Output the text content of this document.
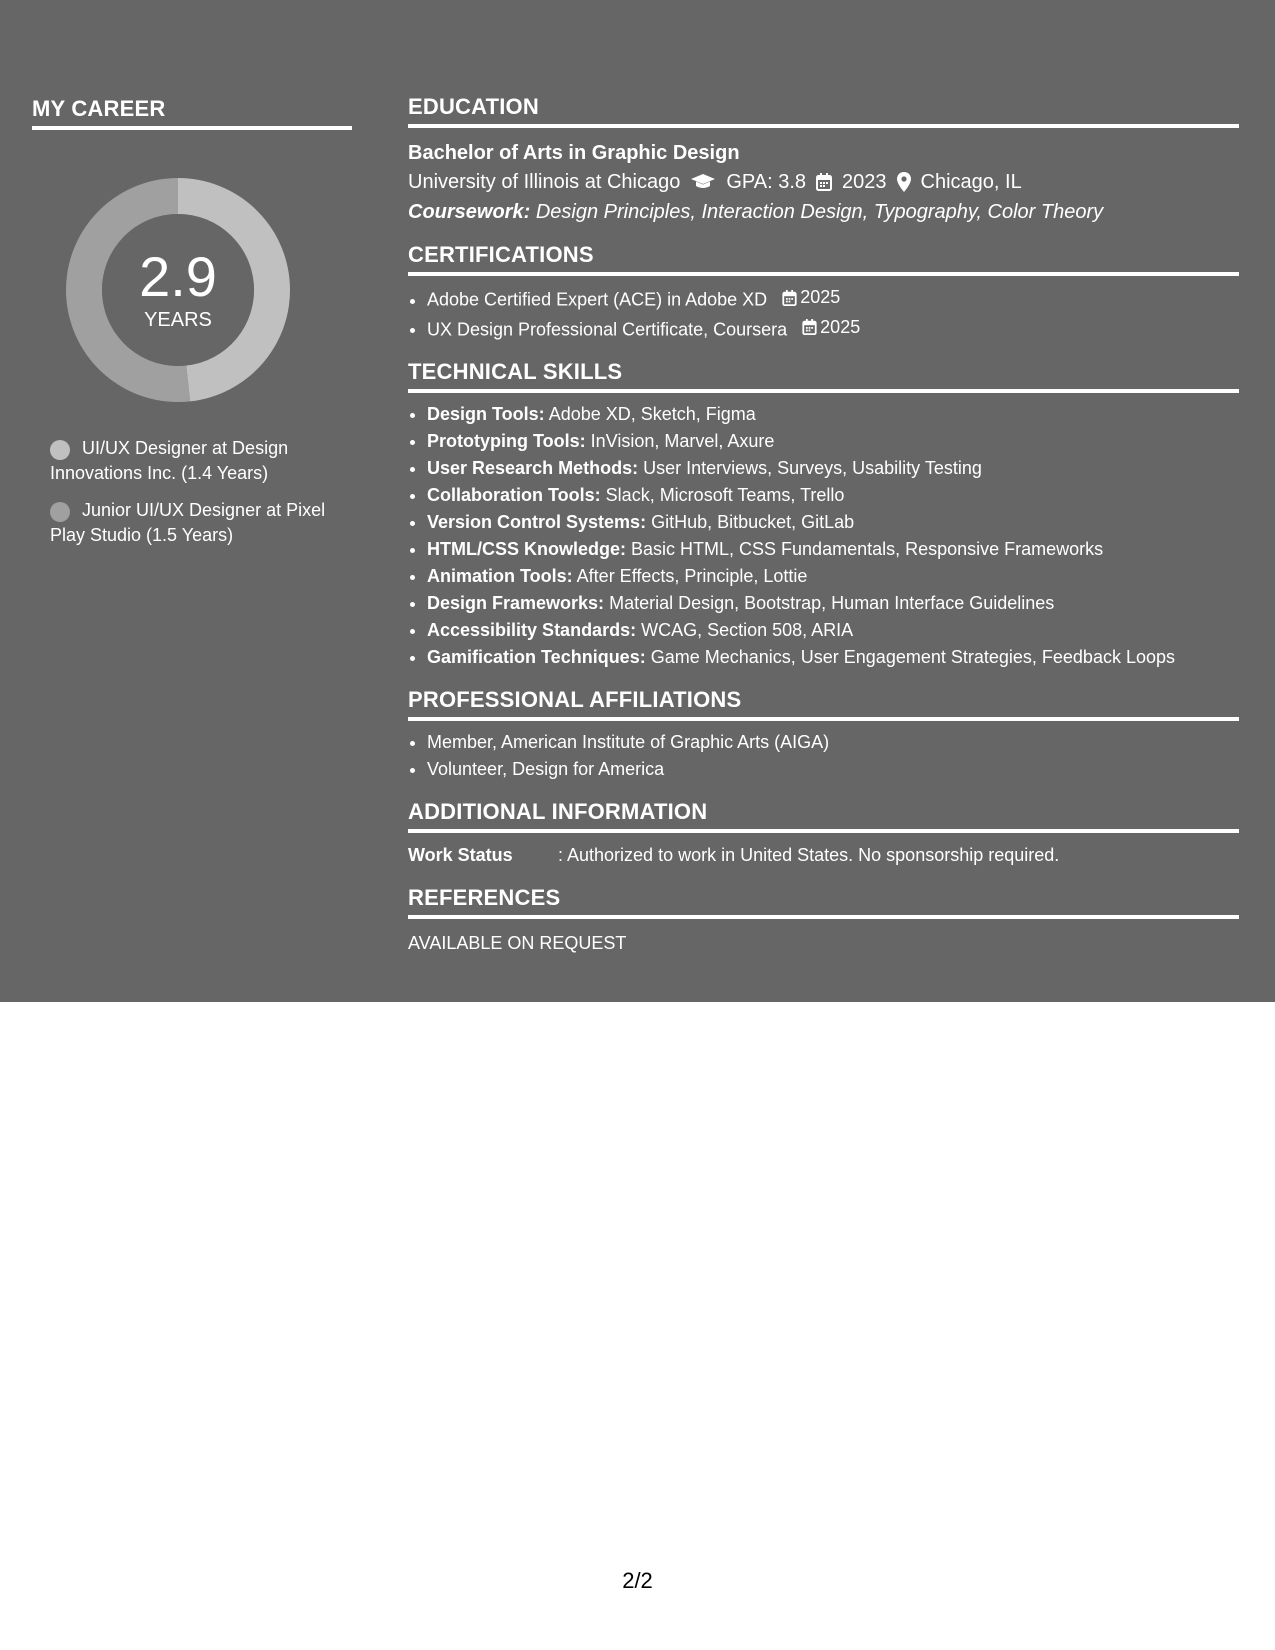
MY CAREER
2.9
YEARS
UI/UX Designer at Design Innovations Inc. (1.4 Years)
Junior UI/UX Designer at Pixel Play Studio (1.5 Years)
EDUCATION
Bachelor of Arts in Graphic Design
University of Illinois at Chicago GPA: 3.8 2023 Chicago, IL
Coursework: Design Principles, Interaction Design, Typography, Color Theory
CERTIFICATIONS
• Adobe Certified Expert (ACE) in Adobe XD 2025
• UX Design Professional Certificate, Coursera 2025
TECHNICAL SKILLS
• Design Tools: Adobe XD, Sketch, Figma
• Prototyping Tools: InVision, Marvel, Axure
• User Research Methods: User Interviews, Surveys, Usability Testing
• Collaboration Tools: Slack, Microsoft Teams, Trello
• Version Control Systems: GitHub, Bitbucket, GitLab
• HTML/CSS Knowledge: Basic HTML, CSS Fundamentals, Responsive Frameworks
• Animation Tools: After Effects, Principle, Lottie
• Design Frameworks: Material Design, Bootstrap, Human Interface Guidelines
• Accessibility Standards: WCAG, Section 508, ARIA
• Gamification Techniques: Game Mechanics, User Engagement Strategies, Feedback Loops
PROFESSIONAL AFFILIATIONS
• Member, American Institute of Graphic Arts (AIGA)
• Volunteer, Design for America
ADDITIONAL INFORMATION
Work Status	: Authorized to work in United States. No sponsorship required.
REFERENCES
AVAILABLE ON REQUEST
2/2
